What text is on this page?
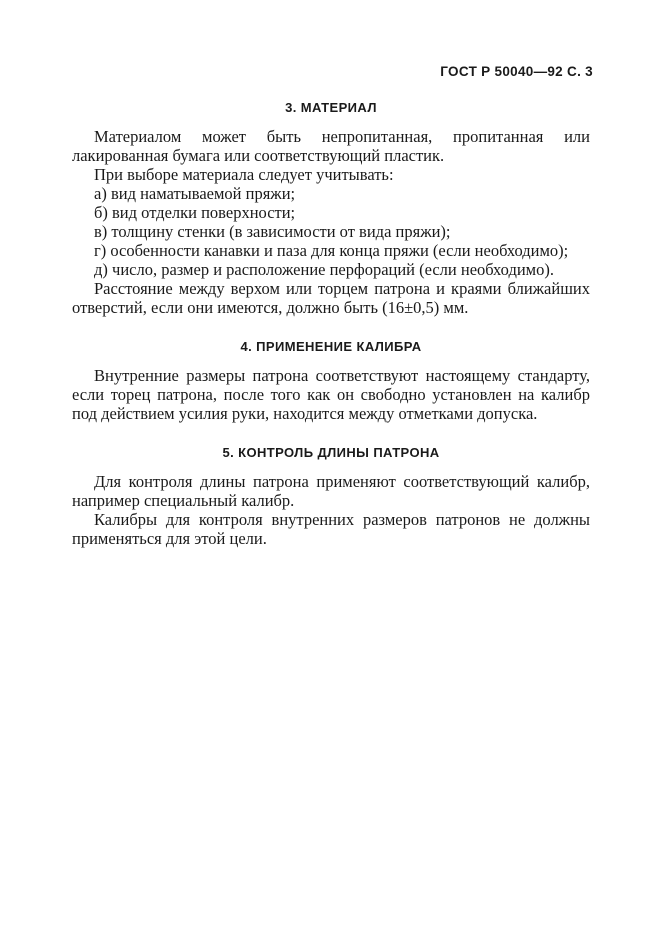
ГОСТ Р 50040—92 С. 3
3. МАТЕРИАЛ

Материалом может быть непропитанная, пропитанная или лакированная бумага или соответствующий пластик.

При выборе материала следует учитывать:

а) вид наматываемой пряжи;

б) вид отделки поверхности;

в) толщину стенки (в зависимости от вида пряжи);

г) особенности канавки и паза для конца пряжи (если необходимо);

д) число, размер и расположение перфораций (если необходимо).

Расстояние между верхом или торцем патрона и краями ближайших отверстий, если они имеются, должно быть (16±0,5) мм.

4. ПРИМЕНЕНИЕ КАЛИБРА

Внутренние размеры патрона соответствуют настоящему стандарту, если торец патрона, после того как он свободно установлен на калибр под действием усилия руки, находится между отметками допуска.

5. КОНТРОЛЬ ДЛИНЫ ПАТРОНА

Для контроля длины патрона применяют соответствующий калибр, например специальный калибр.

Калибры для контроля внутренних размеров патронов не должны применяться для этой цели.
